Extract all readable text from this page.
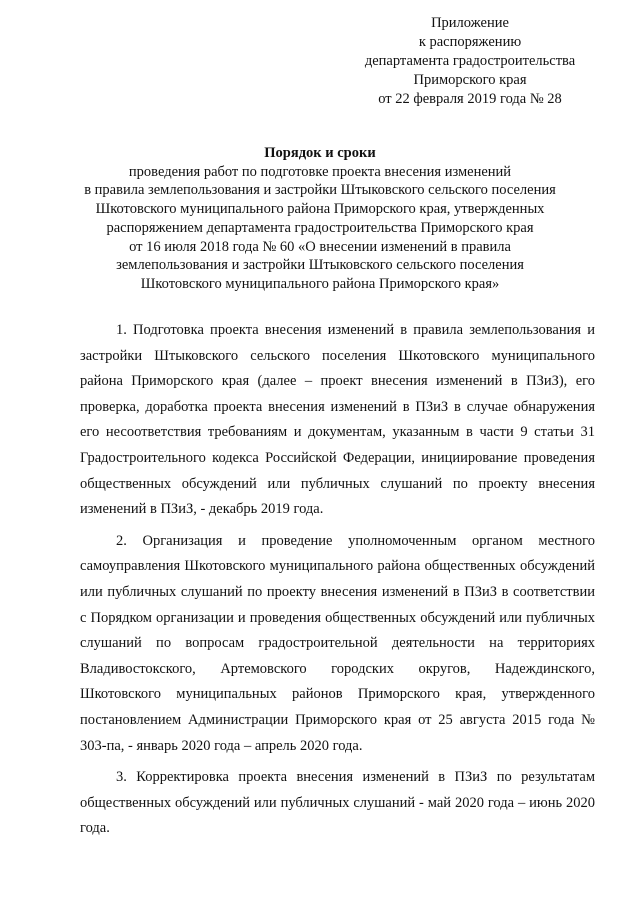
Приложение
к распоряжению
департамента градостроительства
Приморского края
от 22 февраля 2019 года № 28
Порядок и сроки
проведения работ по подготовке проекта внесения изменений
в правила землепользования и застройки Штыковского сельского поселения
Шкотовского муниципального района Приморского края, утвержденных
распоряжением департамента градостроительства Приморского края
от 16 июля 2018 года № 60 «О внесении изменений в правила
землепользования и застройки Штыковского сельского поселения
Шкотовского муниципального района Приморского края»

1. Подготовка проекта внесения изменений в правила землепользования и застройки Штыковского сельского поселения Шкотовского муниципального района Приморского края (далее – проект внесения изменений в ПЗиЗ), его проверка, доработка проекта внесения изменений в ПЗиЗ в случае обнаружения его несоответствия требованиям и документам, указанным в части 9 статьи 31 Градостроительного кодекса Российской Федерации, инициирование проведения общественных обсуждений или публичных слушаний по проекту внесения изменений в ПЗиЗ, - декабрь 2019 года.

2. Организация и проведение уполномоченным органом местного самоуправления Шкотовского муниципального района общественных обсуждений или публичных слушаний по проекту внесения изменений в ПЗиЗ в соответствии с Порядком организации и проведения общественных обсуждений или публичных слушаний по вопросам градостроительной деятельности на территориях Владивостокского, Артемовского городских округов, Надеждинского, Шкотовского муниципальных районов Приморского края, утвержденного постановлением Администрации Приморского края от 25 августа 2015 года № 303-па, - январь 2020 года – апрель 2020 года.

3. Корректировка проекта внесения изменений в ПЗиЗ по результатам общественных обсуждений или публичных слушаний - май 2020 года – июнь 2020 года.
